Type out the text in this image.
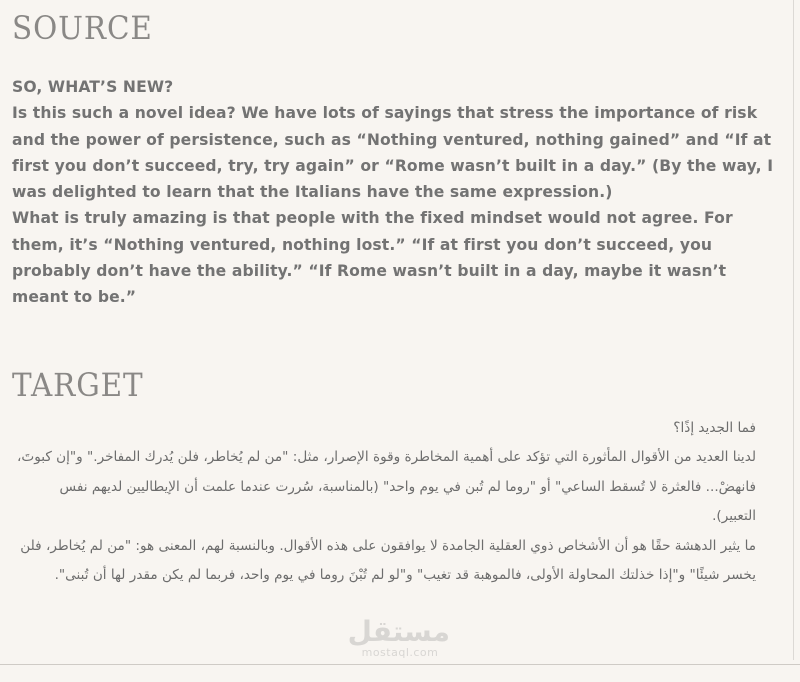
SOURCE

SO, WHAT’S NEW?

Is this such a novel idea? We have lots of sayings that stress the importance of risk and the power of persistence, such as “Nothing ventured, nothing gained” and “If at first you don’t succeed, try, try again” or “Rome wasn’t built in a day.” (By the way, I was delighted to learn that the Italians have the same expression.)

What is truly amazing is that people with the fixed mindset would not agree. For them, it’s “Nothing ventured, nothing lost.” “If at first you don’t succeed, you probably don’t have the ability.” “If Rome wasn’t built in a day, maybe it wasn’t meant to be.”

TARGET

فما الجديد إذًا؟

لدينا العديد من الأقوال المأثورة التي تؤكد على أهمية المخاطرة وقوة الإصرار، مثل: "من لم يُخاطر، فلن يُدرك المفاخر." و"إن كبوتَ، فانهضْ... فالعثرة لا تُسقط الساعي" أو "روما لم تُبن في يوم واحد" (بالمناسبة، سُررت عندما علمت أن الإيطاليين لديهم نفس التعبير).

ما يثير الدهشة حقًا هو أن الأشخاص ذوي العقلية الجامدة لا يوافقون على هذه الأقوال. وبالنسبة لهم، المعنى هو: "من لم يُخاطر، فلن يخسر شيئًا" و"إذا خذلتك المحاولة الأولى، فالموهبة قد تغيب" و"لو لم تُبْنَ روما في يوم واحد، فربما لم يكن مقدر لها أن تُبنى".

مستقل
mostaql.com
